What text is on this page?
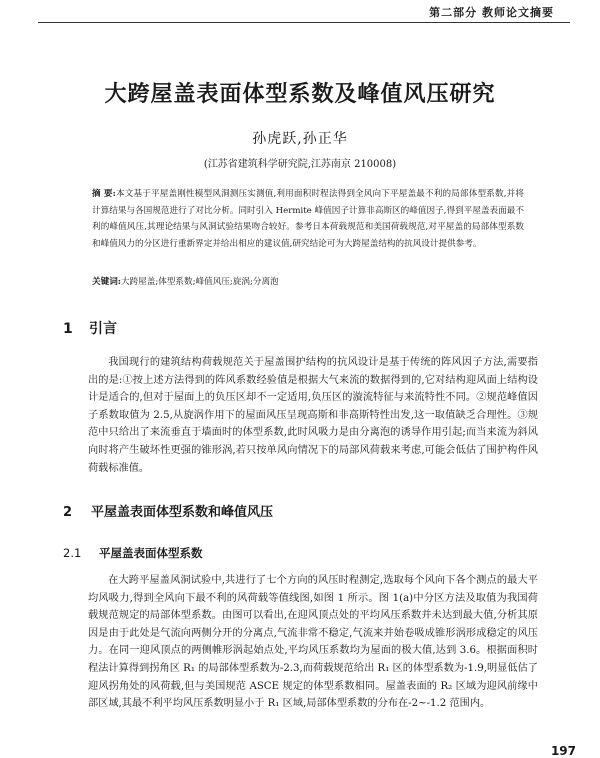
第二部分 教师论文摘要
大跨屋盖表面体型系数及峰值风压研究
孙虎跃,孙正华
(江苏省建筑科学研究院,江苏南京 210008)
摘 要:本文基于平屋盖刚性模型风洞测压实测值,利用面积时程法得到全风向下平屋盖最不利的局部体型系数,并将计算结果与各国规范进行了对比分析。同时引入 Hermite 峰值因子计算非高斯区的峰值因子,得到平屋盖表面最不利的峰值风压,其理论结果与风洞试验结果吻合较好。参考日本荷载规范和美国荷载规范,对平屋盖的局部体型系数和峰值风力的分区进行重新界定并给出相应的建议值,研究结论可为大跨屋盖结构的抗风设计提供参考。
关键词:大跨屋盖;体型系数;峰值风压;旋涡;分离泡
1 引言
我国现行的建筑结构荷载规范关于屋盖围护结构的抗风设计是基于传统的阵风因子方法,需要指出的是:①按上述方法得到的阵风系数经验值是根据大气来流的数据得到的,它对结构迎风面上结构设计是适合的,但对于屋面上的负压区却不一定适用,负压区的漩流特征与来流特性不同。②规范峰值因子系数取值为 2.5,从旋涡作用下的屋面风压呈现高斯和非高斯特性出发,这一取值缺乏合理性。③规范中只给出了来流垂直于墙面时的体型系数,此时风吸力是由分离泡的诱导作用引起;而当来流为斜风向时将产生破坏性更强的锥形涡,若只按单风向情况下的局部风荷载来考虑,可能会低估了围护构件风荷载标准值。
2 平屋盖表面体型系数和峰值风压
2.1 平屋盖表面体型系数
在大跨平屋盖风洞试验中,共进行了七个方向的风压时程测定,选取每个风向下各个测点的最大平均风吸力,得到全风向下最不利的风荷载等值线图,如图 1 所示。图 1(a)中分区方法及取值为我国荷载规范规定的局部体型系数。由图可以看出,在迎风顶点处的平均风压系数并未达到最大值,分析其原因是由于此处是气流向两侧分开的分离点,气流非常不稳定,气流来并始卷吸成锥形涡形成稳定的风压力。在同一迎风顶点的两侧帷形涡起始点处,平均风压系数均为屋面的极大值,达到 3.6。根据面积时程法计算得到拐角区 R₁ 的局部体型系数为-2.3,而荷载规范给出 R₁ 区的体型系数为-1.9,明显低估了迎风拐角处的风荷载,但与美国规范 ASCE 规定的体型系数相同。屋盖表面的 R₂ 区域为迎风前缘中部区域,其最不利平均风压系数明显小于 R₁ 区域,局部体型系数的分布在-2~-1.2 范围内。
197
